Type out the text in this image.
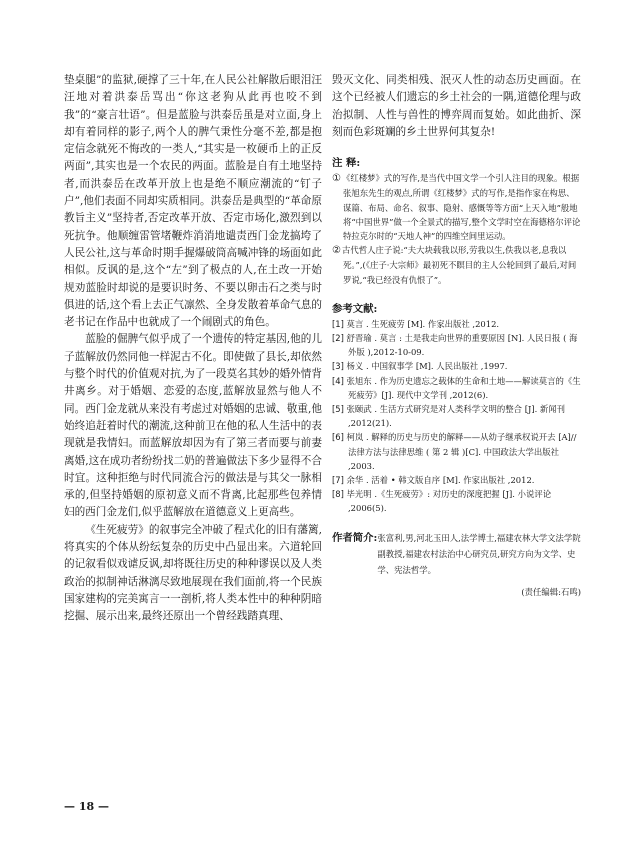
垫桌腿”的监狱,硬撑了三十年,在人民公社解散后眼泪汪汪地对着洪泰岳骂出“你这老狗从此再也咬不到我”的“豪言壮语”。但是蓝脸与洪泰岳虽是对立面,身上却有着同样的影子,两个人的脾气秉性分毫不差,都是抱定信念就死不悔改的一类人,“其实是一枚硬币上的正反两面”,其实也是一个农民的两面。蓝脸是自有土地坚持者,而洪泰岳在改革开放上也是绝不顺应潮流的“钉子户”,他们表面不同却实质相同。洪泰岳是典型的“革命原教旨主义”坚持者,否定改革开放、否定市场化,激烈到以死抗争。他顺缠雷管堵鞭炸消消地谴责西门金龙搞垮了人民公社,这与革命时期手握爆破筒高喊冲锋的场面如此相似。反讽的是,这个“左”到了极点的人,在土改一开始规劝蓝脸时却说的是要识时务、不要以卵击石之类与时俱进的话,这个看上去正气凛然、全身发散着革命气息的老书记在作品中也就成了一个闹剧式的角色。

蓝脸的倔脾气似乎成了一个遗传的特定基因,他的儿子蓝解放仍然同他一样泥古不化。即使做了县长,却依然与整个时代的价值观对抗,为了一段莫名其妙的婚外情背井离乡。对于婚姻、恋爱的态度,蓝解放显然与他人不同。西门金龙就从来没有考虑过对婚姻的忠诚、敬重,他始终追赶着时代的潮流,这种前卫在他的私人生活中的表现就是我情妇。而蓝解放却因为有了第三者而要与前妻离婚,这在成功者纷纷找二奶的普遍做法下多少显得不合时宜。这种拒绝与时代同流合污的做法是与其父一脉相承的,但坚持婚姻的原初意义而不背离,比起那些包养情妇的西门金龙们,似乎蓝解放在道德意义上更高些。

《生死疲劳》的叙事完全冲破了程式化的旧有藩篱,将真实的个体从纷纭复杂的历史中凸显出来。六道轮回的记叙看似戏谑反讽,却将既往历史的种种谬误以及人类政治的拟制神话淋漓尽致地展现在我们面前,将一个民族国家建构的完美寓言一一剖析,将人类本性中的种种阴暗挖掘、展示出来,最终还原出一个曾经践踏真理、

毁灭文化、同类相残、泯灭人性的动态历史画面。在这个已经被人们遗忘的乡土社会的一隅,道德伦理与政治拟制、人性与兽性的博弈周而复始。如此曲折、深刻而色彩斑斓的乡土世界何其复杂!

注 释:

①《红楼梦》式的写作,是当代中国文学一个引人注目的现象。根据张旭东先生的观点,所谓《红楼梦》式的写作,是指作家在构思、谋篇、布局、命名、叙事、隐射、感慨等等方面“上天入地”般地将“中国世界”做一个全景式的描写,整个文学时空在海德格尔评论特拉克尔时的“天地人神”的四维空间里运动。

②古代哲人庄子说:“夫大块载我以形,劳我以生,佚我以老,息我以死。”,(《庄子·大宗师》最初死不瞑目的主人公轮回到了最后,对间罗说,“我已经没有仇恨了”。

参考文献:

[1] 莫言 . 生死疲劳 [M]. 作家出版社 ,2012.

[2] 舒晋瑜 . 莫言 : 土是我走向世界的重要原因 [N]. 人民日报 ( 海外版 ),2012-10-09.

[3] 杨义 . 中国叙事学 [M]. 人民出版社 ,1997.

[4] 张旭东 . 作为历史遗忘之载体的生命和土地——解读莫言的《生死疲劳》[J]. 现代中文学刊 ,2012(6).

[5] 张颐武 . 生活方式研究是对人类科学文明的整合 [J]. 新闻刊 ,2012(21).

[6] 柯岚 . 解释的历史与历史的解释——从幼子继承权说开去 [A]// 法律方法与法律思维 ( 第 2 辑 )[C]. 中国政法大学出版社 ,2003.

[7] 余华 . 活着 • 韩文版自序 [M]. 作家出版社 ,2012.

[8] 毕光明 .《生死疲劳》: 对历史的深度把握 [J]. 小说评论 ,2006(5).

作者简介: 张富利,男,河北玉田人,法学博士,福建农林大学文法学院副教授,福建农村法治中心研究员,研究方向为文学、史学、宪法哲学。
(责任编辑:石鸣)
— 18 —
